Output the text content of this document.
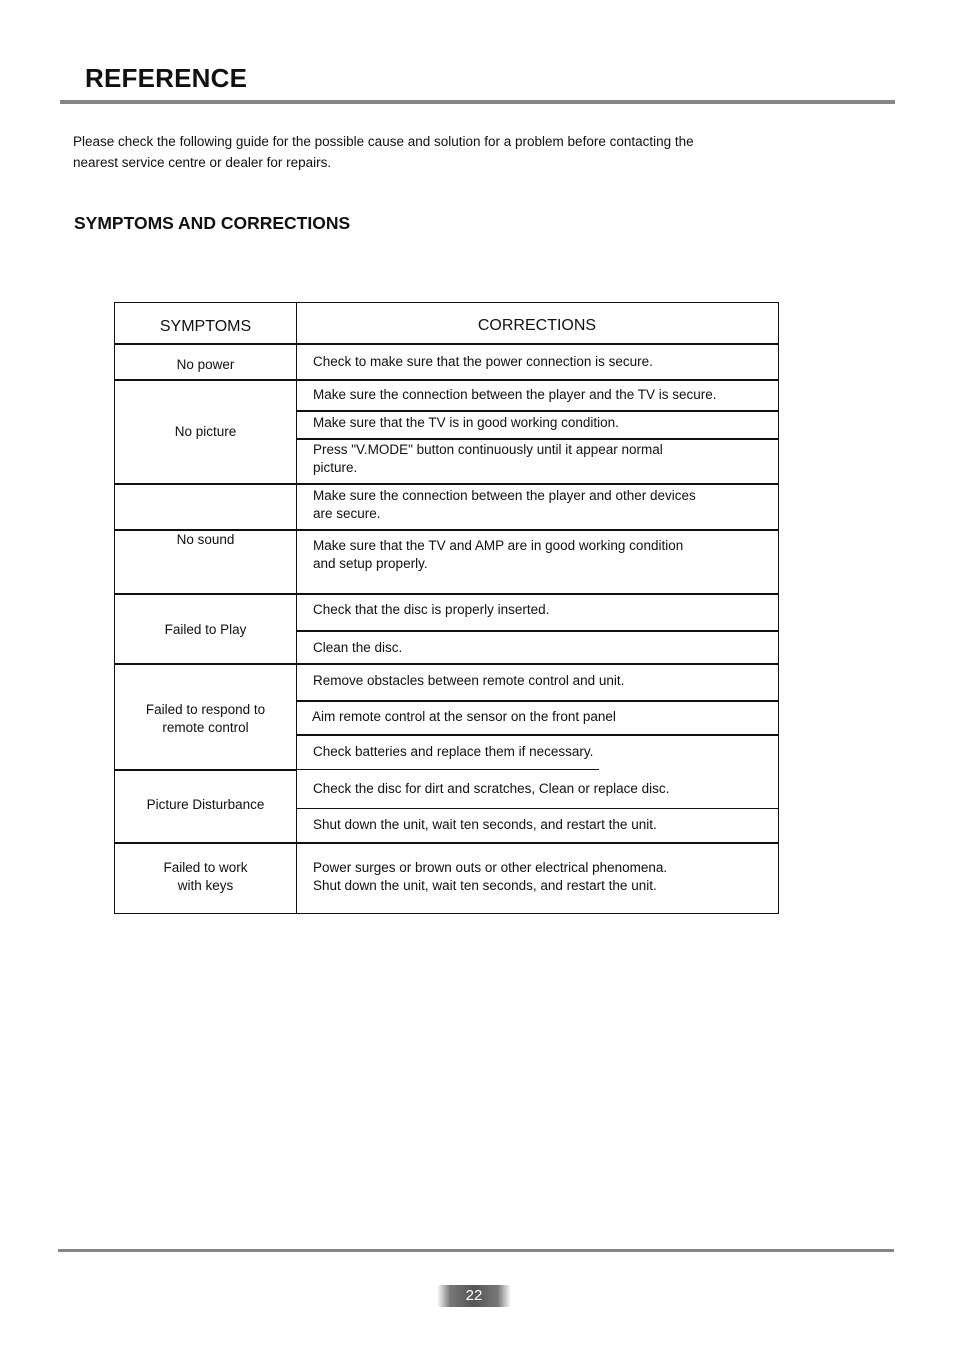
REFERENCE
Please check the following guide for the possible cause and solution for a problem before contacting the
nearest service centre or dealer for repairs.
SYMPTOMS AND CORRECTIONS
SYMPTOMS	CORRECTIONS
No power
No picture
No sound
Failed to Play
Failed to respond to
remote control
Picture Disturbance
Failed to work
with keys
Check to make sure that the power connection is secure.
Make sure the connection between the player and the TV is secure.
Make sure that the TV is in good working condition.
Press "V.MODE" button continuously until it appear normal
picture.
Make sure the connection between the player and other devices
are secure.
Make sure that the TV and AMP are in good working condition
and setup properly.
Check that the disc is properly inserted.
Clean the disc.
Remove obstacles between remote control and unit.
Aim remote control at the sensor on the front panel
Check batteries and replace them if necessary.
Check the disc for dirt and scratches, Clean or replace disc.
Shut down the unit, wait ten seconds, and restart the unit.
Power surges or brown outs or other electrical phenomena.
Shut down the unit, wait ten seconds, and restart the unit.
22
